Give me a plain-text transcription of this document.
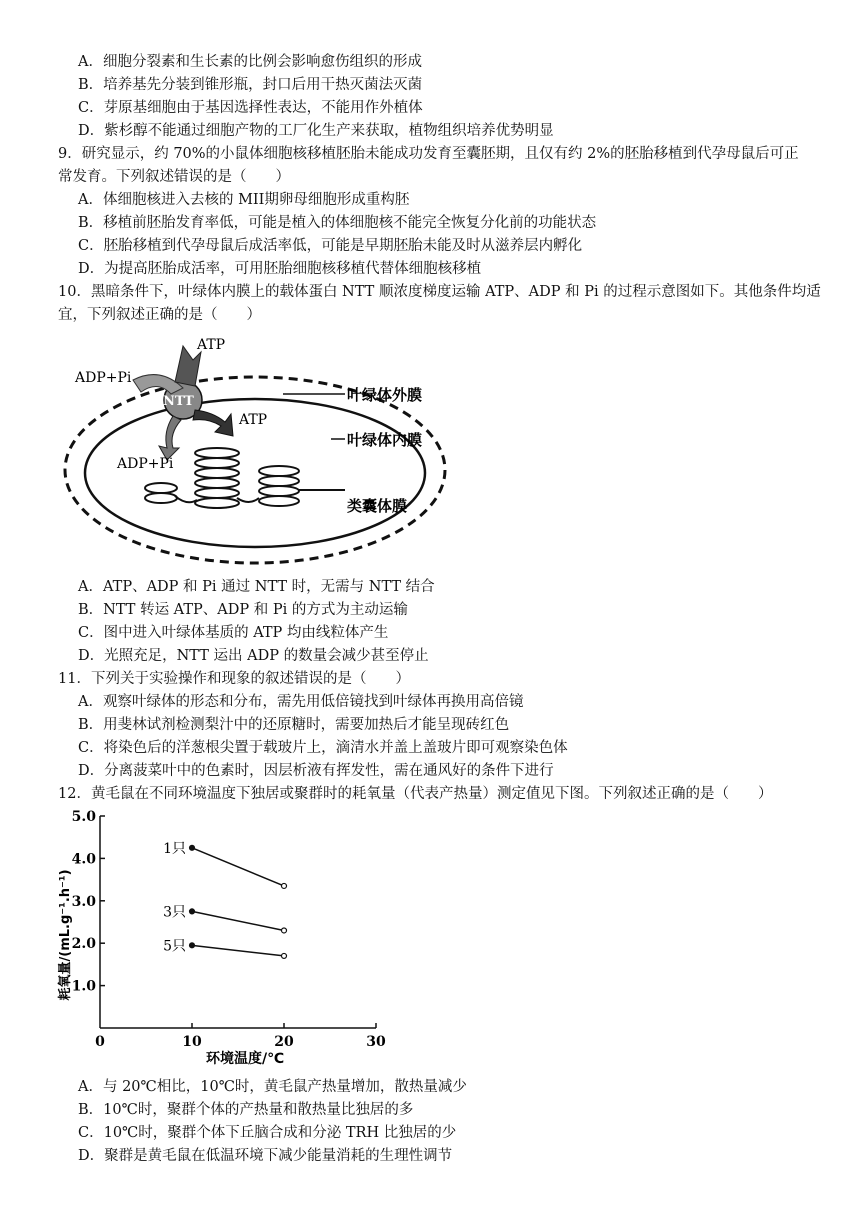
A．细胞分裂素和生长素的比例会影响愈伤组织的形成
B．培养基先分装到锥形瓶，封口后用干热灭菌法灭菌
C．芽原基细胞由于基因选择性表达，不能用作外植体
D．紫杉醇不能通过细胞产物的工厂化生产来获取，植物组织培养优势明显
9．研究显示，约 70%的小鼠体细胞核移植胚胎未能成功发育至囊胚期，且仅有约 2%的胚胎移植到代孕母鼠后可正
常发育。下列叙述错误的是（　　）
A．体细胞核进入去核的 MII期卵母细胞形成重构胚
B．移植前胚胎发育率低，可能是植入的体细胞核不能完全恢复分化前的功能状态
C．胚胎移植到代孕母鼠后成活率低，可能是早期胚胎未能及时从滋养层内孵化
D．为提高胚胎成活率，可用胚胎细胞核移植代替体细胞核移植
10．黑暗条件下，叶绿体内膜上的载体蛋白 NTT 顺浓度梯度运输 ATP、ADP 和 Pi 的过程示意图如下。其他条件均适
宜，下列叙述正确的是（　　）
ATP
ADP+Pi
NTT
ATP
ADP+Pi
叶绿体外膜
叶绿体内膜
类囊体膜
A．ATP、ADP 和 Pi 通过 NTT 时，无需与 NTT 结合
B．NTT 转运 ATP、ADP 和 Pi 的方式为主动运输
C．图中进入叶绿体基质的 ATP 均由线粒体产生
D．光照充足，NTT 运出 ADP 的数量会减少甚至停止
11．下列关于实验操作和现象的叙述错误的是（　　）
A．观察叶绿体的形态和分布，需先用低倍镜找到叶绿体再换用高倍镜
B．用斐林试剂检测梨汁中的还原糖时，需要加热后才能呈现砖红色
C．将染色后的洋葱根尖置于载玻片上，滴清水并盖上盖玻片即可观察染色体
D．分离菠菜叶中的色素时，因层析液有挥发性，需在通风好的条件下进行
12．黄毛鼠在不同环境温度下独居或聚群时的耗氧量（代表产热量）测定值见下图。下列叙述正确的是（　　）
0	10	20	30
1.0
2.0
3.0
4.0
5.0
1只
3只
5只
环境温度/℃
耗氧量/(mL.g⁻¹.h⁻¹)
A．与 20℃相比，10℃时，黄毛鼠产热量增加，散热量减少
B．10℃时，聚群个体的产热量和散热量比独居的多
C．10℃时，聚群个体下丘脑合成和分泌 TRH 比独居的少
D．聚群是黄毛鼠在低温环境下减少能量消耗的生理性调节
